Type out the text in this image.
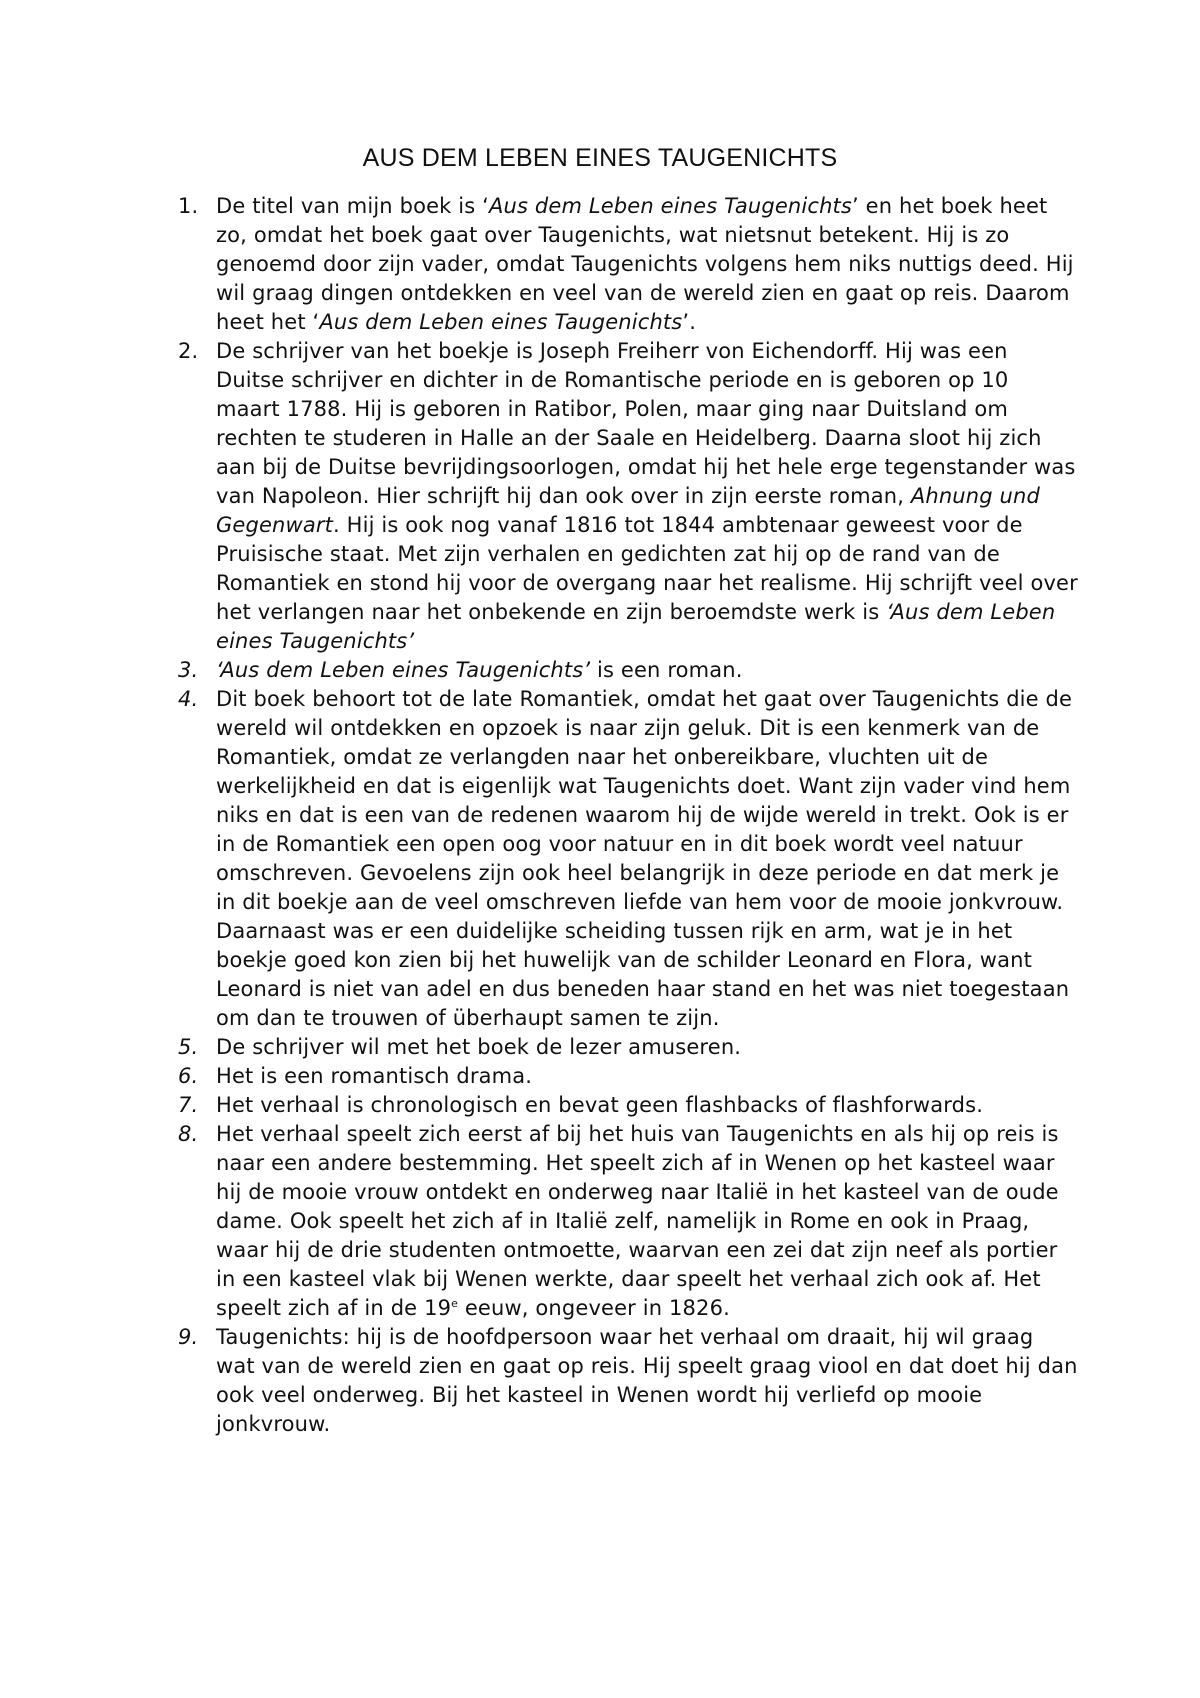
AUS DEM LEBEN EINES TAUGENICHTS
1. De titel van mijn boek is ‘Aus dem Leben eines Taugenichts’ en het boek heet zo, omdat het boek gaat over Taugenichts, wat nietsnut betekent. Hij is zo genoemd door zijn vader, omdat Taugenichts volgens hem niks nuttigs deed. Hij wil graag dingen ontdekken en veel van de wereld zien en gaat op reis. Daarom heet het ‘Aus dem Leben eines Taugenichts’.
2. De schrijver van het boekje is Joseph Freiherr von Eichendorff. Hij was een Duitse schrijver en dichter in de Romantische periode en is geboren op 10 maart 1788. Hij is geboren in Ratibor, Polen, maar ging naar Duitsland om rechten te studeren in Halle an der Saale en Heidelberg. Daarna sloot hij zich aan bij de Duitse bevrijdingsoorlogen, omdat hij het hele erge tegenstander was van Napoleon. Hier schrijft hij dan ook over in zijn eerste roman, Ahnung und Gegenwart. Hij is ook nog vanaf 1816 tot 1844 ambtenaar geweest voor de Pruisische staat. Met zijn verhalen en gedichten zat hij op de rand van de Romantiek en stond hij voor de overgang naar het realisme. Hij schrijft veel over het verlangen naar het onbekende en zijn beroemdste werk is ‘Aus dem Leben eines Taugenichts’
3. ‘Aus dem Leben eines Taugenichts’ is een roman.
4. Dit boek behoort tot de late Romantiek, omdat het gaat over Taugenichts die de wereld wil ontdekken en opzoek is naar zijn geluk. Dit is een kenmerk van de Romantiek, omdat ze verlangden naar het onbereikbare, vluchten uit de werkelijkheid en dat is eigenlijk wat Taugenichts doet. Want zijn vader vind hem niks en dat is een van de redenen waarom hij de wijde wereld in trekt. Ook is er in de Romantiek een open oog voor natuur en in dit boek wordt veel natuur omschreven. Gevoelens zijn ook heel belangrijk in deze periode en dat merk je in dit boekje aan de veel omschreven liefde van hem voor de mooie jonkvrouw. Daarnaast was er een duidelijke scheiding tussen rijk en arm, wat je in het boekje goed kon zien bij het huwelijk van de schilder Leonard en Flora, want Leonard is niet van adel en dus beneden haar stand en het was niet toegestaan om dan te trouwen of überhaupt samen te zijn.
5. De schrijver wil met het boek de lezer amuseren.
6. Het is een romantisch drama.
7. Het verhaal is chronologisch en bevat geen flashbacks of flashforwards.
8. Het verhaal speelt zich eerst af bij het huis van Taugenichts en als hij op reis is naar een andere bestemming. Het speelt zich af in Wenen op het kasteel waar hij de mooie vrouw ontdekt en onderweg naar Italië in het kasteel van de oude dame. Ook speelt het zich af in Italië zelf, namelijk in Rome en ook in Praag, waar hij de drie studenten ontmoette, waarvan een zei dat zijn neef als portier in een kasteel vlak bij Wenen werkte, daar speelt het verhaal zich ook af. Het speelt zich af in de 19e eeuw, ongeveer in 1826.
9. Taugenichts: hij is de hoofdpersoon waar het verhaal om draait, hij wil graag wat van de wereld zien en gaat op reis. Hij speelt graag viool en dat doet hij dan ook veel onderweg. Bij het kasteel in Wenen wordt hij verliefd op mooie jonkvrouw.
